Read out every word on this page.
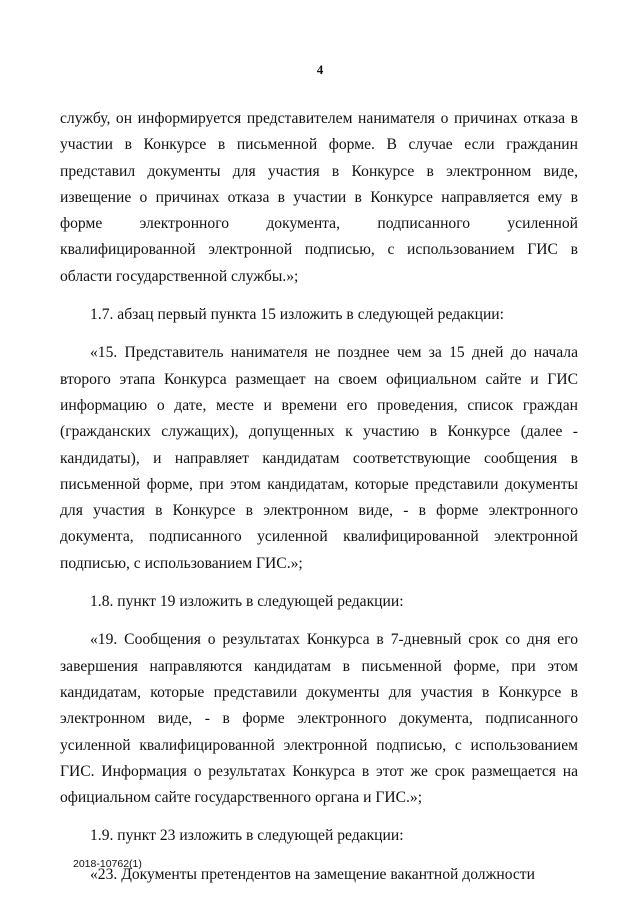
4

службу, он информируется представителем нанимателя о причинах отказа в участии в Конкурсе в письменной форме. В случае если гражданин представил документы для участия в Конкурсе в электронном виде, извещение о причинах отказа в участии в Конкурсе направляется ему в форме электронного документа, подписанного усиленной квалифицированной электронной подписью, с использованием ГИС в области государственной службы.»;

1.7. абзац первый пункта 15 изложить в следующей редакции:

«15. Представитель нанимателя не позднее чем за 15 дней до начала второго этапа Конкурса размещает на своем официальном сайте и ГИС информацию о дате, месте и времени его проведения, список граждан (гражданских служащих), допущенных к участию в Конкурсе (далее - кандидаты), и направляет кандидатам соответствующие сообщения в письменной форме, при этом кандидатам, которые представили документы для участия в Конкурсе в электронном виде, - в форме электронного документа, подписанного усиленной квалифицированной электронной подписью, с использованием ГИС.»;

1.8. пункт 19 изложить в следующей редакции:

«19. Сообщения о результатах Конкурса в 7-дневный срок со дня его завершения направляются кандидатам в письменной форме, при этом кандидатам, которые представили документы для участия в Конкурсе в электронном виде, - в форме электронного документа, подписанного усиленной квалифицированной электронной подписью, с использованием ГИС. Информация о результатах Конкурса в этот же срок размещается на официальном сайте государственного органа и ГИС.»;

1.9. пункт 23 изложить в следующей редакции:

«23. Документы претендентов на замещение вакантной должности

2018-10762(1)
